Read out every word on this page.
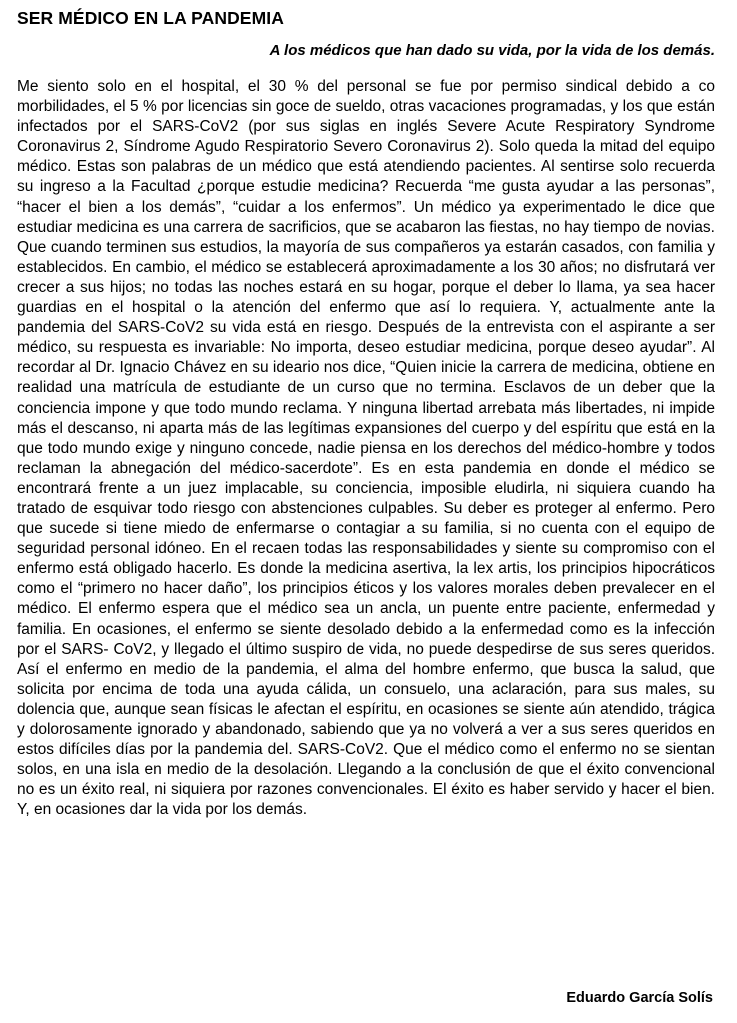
SER MÉDICO EN LA PANDEMIA

A los médicos que han dado su vida, por la vida de los demás.

Me siento solo en el hospital, el 30 % del personal se fue por permiso sindical debido a co morbilidades, el 5 % por licencias sin goce de sueldo, otras vacaciones programadas, y los que están infectados por el SARS-CoV2 (por sus siglas en inglés Severe Acute Respiratory Syndrome Coronavirus 2, Síndrome Agudo Respiratorio Severo Coronavirus 2). Solo queda la mitad del equipo médico. Estas son palabras de un médico que está atendiendo pacientes. Al sentirse solo recuerda su ingreso a la Facultad ¿porque estudie medicina? Recuerda “me gusta ayudar a las personas”, “hacer el bien a los demás”, “cuidar a los enfermos”. Un médico ya experimentado le dice que estudiar medicina es una carrera de sacrificios, que se acabaron las fiestas, no hay tiempo de novias. Que cuando terminen sus estudios, la mayoría de sus compañeros ya estarán casados, con familia y establecidos. En cambio, el médico se establecerá aproximadamente a los 30 años; no disfrutará ver crecer a sus hijos; no todas las noches estará en su hogar, porque el deber lo llama, ya sea hacer guardias en el hospital o la atención del enfermo que así lo requiera. Y, actualmente ante la pandemia del SARS-CoV2 su vida está en riesgo. Después de la entrevista con el aspirante a ser médico, su respuesta es invariable: No importa, deseo estudiar medicina, porque deseo ayudar”. Al recordar al Dr. Ignacio Chávez en su ideario nos dice, “Quien inicie la carrera de medicina, obtiene en realidad una matrícula de estudiante de un curso que no termina. Esclavos de un deber que la conciencia impone y que todo mundo reclama. Y ninguna libertad arrebata más libertades, ni impide más el descanso, ni aparta más de las legítimas expansiones del cuerpo y del espíritu que está en la que todo mundo exige y ninguno concede, nadie piensa en los derechos del médico-hombre y todos reclaman la abnegación del médico-sacerdote”. Es en esta pandemia en donde el médico se encontrará frente a un juez implacable, su conciencia, imposible eludirla, ni siquiera cuando ha tratado de esquivar todo riesgo con abstenciones culpables. Su deber es proteger al enfermo. Pero que sucede si tiene miedo de enfermarse o contagiar a su familia, si no cuenta con el equipo de seguridad personal idóneo. En el recaen todas las responsabilidades y siente su compromiso con el enfermo está obligado hacerlo. Es donde la medicina asertiva, la lex artis, los principios hipocráticos como el “primero no hacer daño”, los principios éticos y los valores morales deben prevalecer en el médico. El enfermo espera que el médico sea un ancla, un puente entre paciente, enfermedad y familia. En ocasiones, el enfermo se siente desolado debido a la enfermedad como es la infección por el SARS- CoV2, y llegado el último suspiro de vida, no puede despedirse de sus seres queridos. Así el enfermo en medio de la pandemia, el alma del hombre enfermo, que busca la salud, que solicita por encima de toda una ayuda cálida, un consuelo, una aclaración, para sus males, su dolencia que, aunque sean físicas le afectan el espíritu, en ocasiones se siente aún atendido, trágica y dolorosamente ignorado y abandonado, sabiendo que ya no volverá a ver a sus seres queridos en estos difíciles días por la pandemia del. SARS-CoV2. Que el médico como el enfermo no se sientan solos, en una isla en medio de la desolación. Llegando a la conclusión de que el éxito convencional no es un éxito real, ni siquiera por razones convencionales. El éxito es haber servido y hacer el bien. Y, en ocasiones dar la vida por los demás.

Eduardo García Solís
